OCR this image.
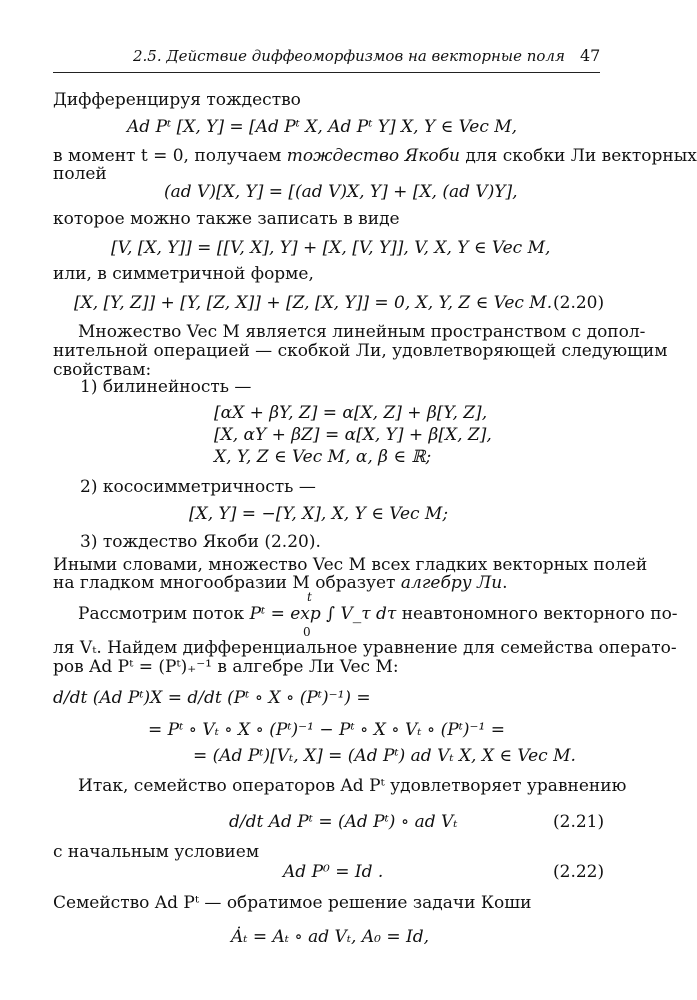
2.5. Действие диффеоморфизмов на векторные поля 47
Дифференцируя тождество
Ad Pᵗ [X, Y] = [Ad Pᵗ X, Ad Pᵗ Y] X, Y ∈ Vec M,
в момент t = 0, получаем тождество Якоби для скобки Ли векторных
полей
(ad V)[X, Y] = [(ad V)X, Y] + [X, (ad V)Y],
которое можно также записать в виде
[V, [X, Y]] = [[V, X], Y] + [X, [V, Y]], V, X, Y ∈ Vec M,
или, в симметричной форме,
[X, [Y, Z]] + [Y, [Z, X]] + [Z, [X, Y]] = 0, X, Y, Z ∈ Vec M. (2.20)
Множество Vec M является линейным пространством с допол-
нительной операцией — скобкой Ли, удовлетворяющей следующим
свойствам:
1) билинейность —
[αX + βY, Z] = α[X, Z] + β[Y, Z],
[X, αY + βZ] = α[X, Y] + β[X, Z],
X, Y, Z ∈ Vec M, α, β ∈ ℝ;
2) кососимметричность —
[X, Y] = −[Y, X], X, Y ∈ Vec M;
3) тождество Якоби (2.20).
Иными словами, множество Vec M всех гладких векторных полей
на гладком многообразии M образует алгебру Ли.
Рассмотрим поток Pᵗ = exp ∫ V_τ dτ неавтономного векторного по-
t
0
ля Vₜ. Найдем дифференциальное уравнение для семейства операто-
ров Ad Pᵗ = (Pᵗ)₊⁻¹ в алгебре Ли Vec M:
d/dt (Ad Pᵗ)X = d/dt (Pᵗ ∘ X ∘ (Pᵗ)⁻¹) =
= Pᵗ ∘ Vₜ ∘ X ∘ (Pᵗ)⁻¹ − Pᵗ ∘ X ∘ Vₜ ∘ (Pᵗ)⁻¹ =
= (Ad Pᵗ)[Vₜ, X] = (Ad Pᵗ) ad Vₜ X, X ∈ Vec M.
Итак, семейство операторов Ad Pᵗ удовлетворяет уравнению
d/dt Ad Pᵗ = (Ad Pᵗ) ∘ ad Vₜ	(2.21)
с начальным условием
Ad P⁰ = Id .	(2.22)
Семейство Ad Pᵗ — обратимое решение задачи Коши
Ȧₜ = Aₜ ∘ ad Vₜ, A₀ = Id,
